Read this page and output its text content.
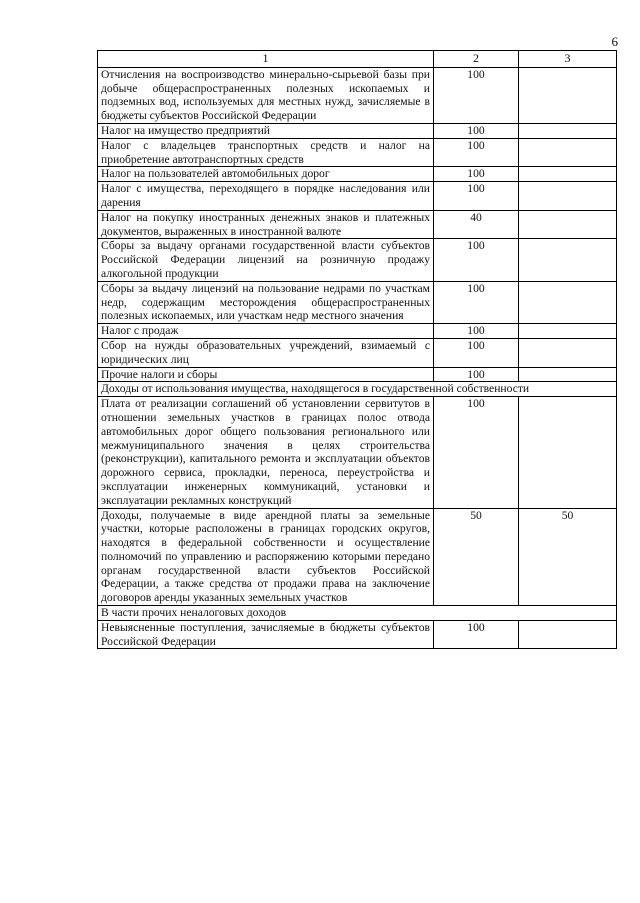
6
1	2	3
Отчисления на воспроизводство минерально-сырьевой базы при добыче общераспространенных полезных ископаемых и подземных вод, используемых для местных нужд, зачисляемые в бюджеты субъектов Российской Федерации	100	
Налог на имущество предприятий	100	
Налог с владельцев транспортных средств и налог на приобретение автотранспортных средств	100	
Налог на пользователей автомобильных дорог	100	
Налог с имущества, переходящего в порядке наследования или дарения	100	
Налог на покупку иностранных денежных знаков и платежных документов, выраженных в иностранной валюте	40	
Сборы за выдачу органами государственной власти субъектов Российской Федерации лицензий на розничную продажу алкогольной продукции	100	
Сборы за выдачу лицензий на пользование недрами по участкам недр, содержащим месторождения общераспространенных полезных ископаемых, или участкам недр местного значения	100	
Налог с продаж	100	
Сбор на нужды образовательных учреждений, взимаемый с юридических лиц	100	
Прочие налоги и сборы	100	
Доходы от использования имущества, находящегося в государственной собственности		
Плата от реализации соглашений об установлении сервитутов в отношении земельных участков в границах полос отвода автомобильных дорог общего пользования регионального или межмуниципального значения в целях строительства (реконструкции), капитального ремонта и эксплуатации объектов дорожного сервиса, прокладки, переноса, переустройства и эксплуатации инженерных коммуникаций, установки и эксплуатации рекламных конструкций	100	
Доходы, получаемые в виде арендной платы за земельные участки, которые расположены в границах городских округов, находятся в федеральной собственности и осуществление полномочий по управлению и распоряжению которыми передано органам государственной власти субъектов Российской Федерации, а также средства от продажи права на заключение договоров аренды указанных земельных участков	50	50
В части прочих неналоговых доходов		
Невыясненные поступления, зачисляемые в бюджеты субъектов Российской Федерации	100	
